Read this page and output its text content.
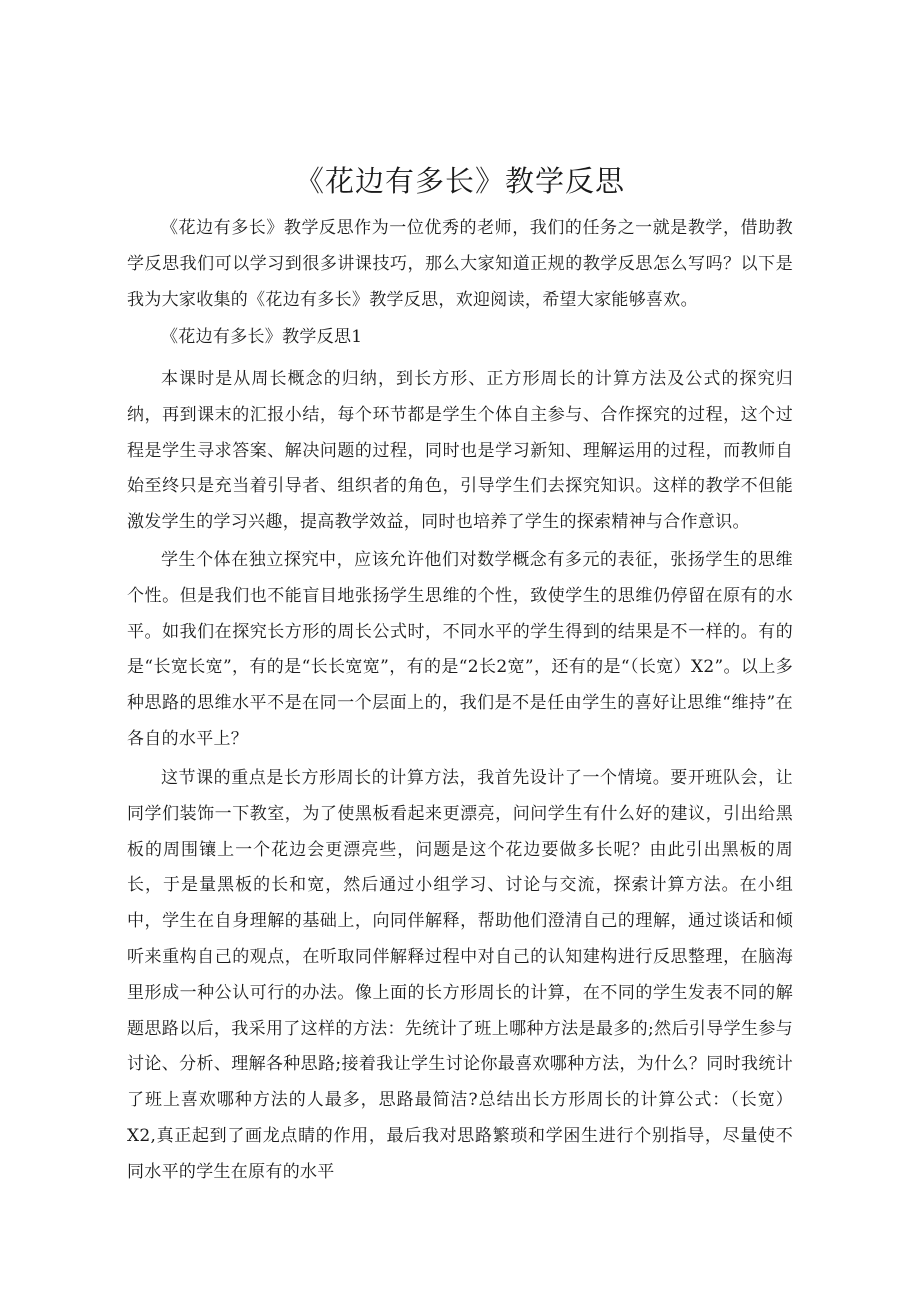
《花边有多长》教学反思

《花边有多长》教学反思作为一位优秀的老师，我们的任务之一就是教学，借助教学反思我们可以学习到很多讲课技巧，那么大家知道正规的教学反思怎么写吗？以下是我为大家收集的《花边有多长》教学反思，欢迎阅读，希望大家能够喜欢。

《花边有多长》教学反思1

本课时是从周长概念的归纳，到长方形、正方形周长的计算方法及公式的探究归纳，再到课末的汇报小结，每个环节都是学生个体自主参与、合作探究的过程，这个过程是学生寻求答案、解决问题的过程，同时也是学习新知、理解运用的过程，而教师自始至终只是充当着引导者、组织者的角色，引导学生们去探究知识。这样的教学不但能激发学生的学习兴趣，提高教学效益，同时也培养了学生的探索精神与合作意识。

学生个体在独立探究中，应该允许他们对数学概念有多元的表征，张扬学生的思维个性。但是我们也不能盲目地张扬学生思维的个性，致使学生的思维仍停留在原有的水平。如我们在探究长方形的周长公式时，不同水平的学生得到的结果是不一样的。有的是“长宽长宽”，有的是“长长宽宽”，有的是“2长2宽”，还有的是“（长宽）X2”。以上多种思路的思维水平不是在同一个层面上的，我们是不是任由学生的喜好让思维“维持”在各自的水平上？

这节课的重点是长方形周长的计算方法，我首先设计了一个情境。要开班队会，让同学们装饰一下教室，为了使黑板看起来更漂亮，问问学生有什么好的建议，引出给黑板的周围镶上一个花边会更漂亮些，问题是这个花边要做多长呢？由此引出黑板的周长，于是量黑板的长和宽，然后通过小组学习、讨论与交流，探索计算方法。在小组中，学生在自身理解的基础上，向同伴解释，帮助他们澄清自己的理解，通过谈话和倾听来重构自己的观点，在听取同伴解释过程中对自己的认知建构进行反思整理，在脑海里形成一种公认可行的办法。像上面的长方形周长的计算，在不同的学生发表不同的解题思路以后，我采用了这样的方法：先统计了班上哪种方法是最多的;然后引导学生参与讨论、分析、理解各种思路;接着我让学生讨论你最喜欢哪种方法，为什么？同时我统计了班上喜欢哪种方法的人最多，思路最简洁?总结出长方形周长的计算公式：（长宽）X2,真正起到了画龙点睛的作用，最后我对思路繁琐和学困生进行个别指导，尽量使不同水平的学生在原有的水平
